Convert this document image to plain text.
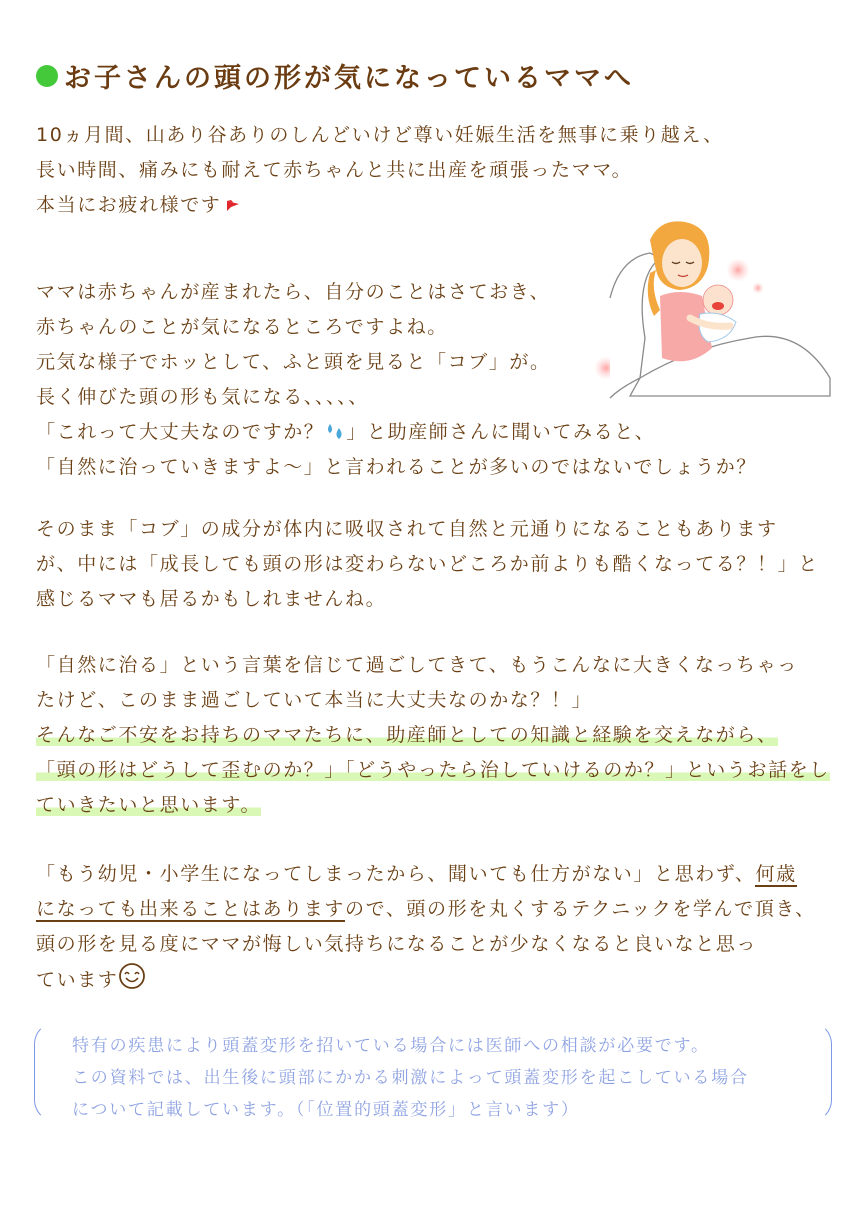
お子さんの頭の形が気になっているママへ
10ヵ月間、山あり谷ありのしんどいけど尊い妊娠生活を無事に乗り越え、
長い時間、痛みにも耐えて赤ちゃんと共に出産を頑張ったママ。
本当にお疲れ様です
ママは赤ちゃんが産まれたら、自分のことはさておき、
赤ちゃんのことが気になるところですよね。
元気な様子でホッとして、ふと頭を見ると「コブ」が。
長く伸びた頭の形も気になる、、、、、
「これって大丈夫なのですか？ 」と助産師さんに聞いてみると、
「自然に治っていきますよ〜」と言われることが多いのではないでしょうか？
そのまま「コブ」の成分が体内に吸収されて自然と元通りになることもあります
が、中には「成長しても頭の形は変わらないどころか前よりも酷くなってる？！」と
感じるママも居るかもしれませんね。
「自然に治る」という言葉を信じて過ごしてきて、もうこんなに大きくなっちゃっ
たけど、このまま過ごしていて本当に大丈夫なのかな？！」
そんなご不安をお持ちのママたちに、助産師としての知識と経験を交えながら、
「頭の形はどうして歪むのか？」「どうやったら治していけるのか？」というお話をし
ていきたいと思います。
「もう幼児・小学生になってしまったから、聞いても仕方がない」と思わず、何歳
になっても出来ることはありますので、頭の形を丸くするテクニックを学んで頂き、
頭の形を見る度にママが悔しい気持ちになることが少なくなると良いなと思っ
ています
特有の疾患により頭蓋変形を招いている場合には医師への相談が必要です。
この資料では、出生後に頭部にかかる刺激によって頭蓋変形を起こしている場合
について記載しています。（「位置的頭蓋変形」と言います）
